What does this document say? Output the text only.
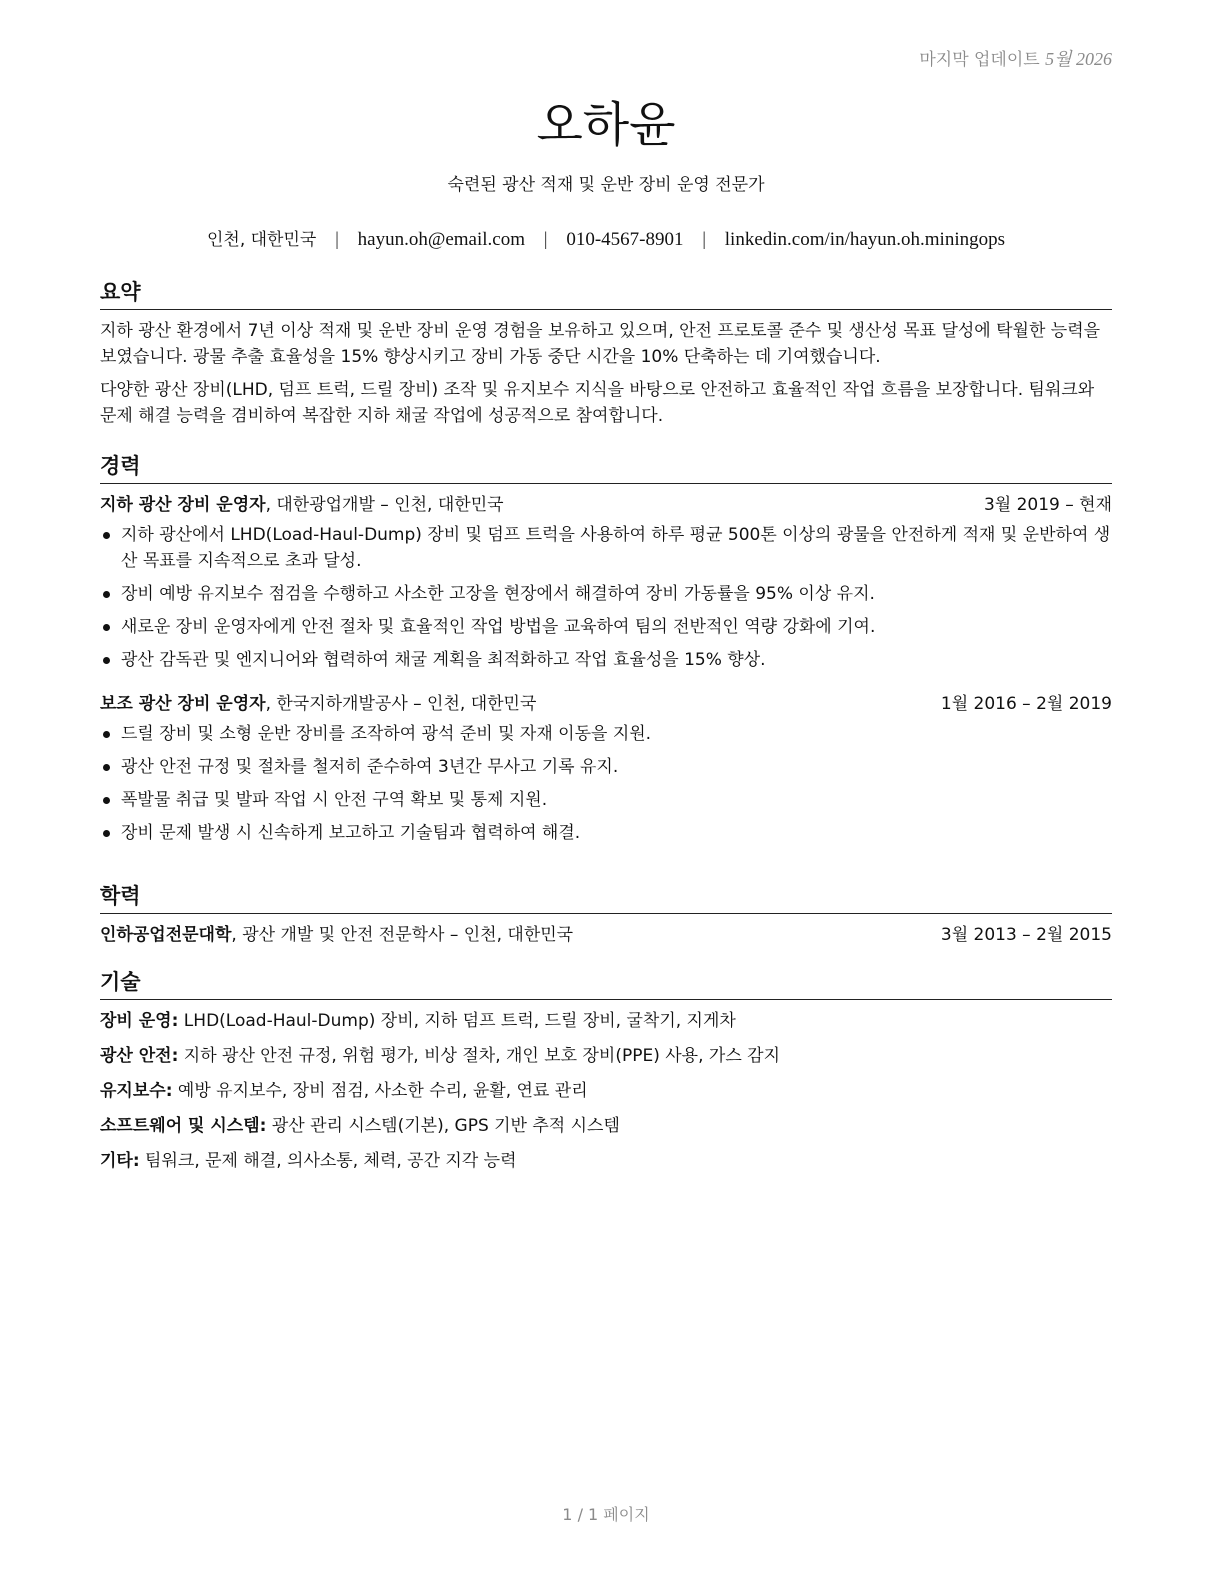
마지막 업데이트 5월 2026
오하윤
숙련된 광산 적재 및 운반 장비 운영 전문가
인천, 대한민국 | hayun.oh@email.com | 010-4567-8901 | linkedin.com/in/hayun.oh.miningops
요약

지하 광산 환경에서 7년 이상 적재 및 운반 장비 운영 경험을 보유하고 있으며, 안전 프로토콜 준수 및 생산성 목표 달성에 탁월한 능력을 보였습니다. 광물 추출 효율성을 15% 향상시키고 장비 가동 중단 시간을 10% 단축하는 데 기여했습니다.

다양한 광산 장비(LHD, 덤프 트럭, 드릴 장비) 조작 및 유지보수 지식을 바탕으로 안전하고 효율적인 작업 흐름을 보장합니다. 팀워크와 문제 해결 능력을 겸비하여 복잡한 지하 채굴 작업에 성공적으로 참여합니다.

경력
지하 광산 장비 운영자, 대한광업개발 – 인천, 대한민국	3월 2019 – 현재
지하 광산에서 LHD(Load-Haul-Dump) 장비 및 덤프 트럭을 사용하여 하루 평균 500톤 이상의 광물을 안전하게 적재 및 운반하여 생산 목표를 지속적으로 초과 달성.
장비 예방 유지보수 점검을 수행하고 사소한 고장을 현장에서 해결하여 장비 가동률을 95% 이상 유지.
새로운 장비 운영자에게 안전 절차 및 효율적인 작업 방법을 교육하여 팀의 전반적인 역량 강화에 기여.
광산 감독관 및 엔지니어와 협력하여 채굴 계획을 최적화하고 작업 효율성을 15% 향상.
보조 광산 장비 운영자, 한국지하개발공사 – 인천, 대한민국	1월 2016 – 2월 2019
드릴 장비 및 소형 운반 장비를 조작하여 광석 준비 및 자재 이동을 지원.
광산 안전 규정 및 절차를 철저히 준수하여 3년간 무사고 기록 유지.
폭발물 취급 및 발파 작업 시 안전 구역 확보 및 통제 지원.
장비 문제 발생 시 신속하게 보고하고 기술팀과 협력하여 해결.
학력
인하공업전문대학, 광산 개발 및 안전 전문학사 – 인천, 대한민국	3월 2013 – 2월 2015
기술
장비 운영: LHD(Load-Haul-Dump) 장비, 지하 덤프 트럭, 드릴 장비, 굴착기, 지게차
광산 안전: 지하 광산 안전 규정, 위험 평가, 비상 절차, 개인 보호 장비(PPE) 사용, 가스 감지
유지보수: 예방 유지보수, 장비 점검, 사소한 수리, 윤활, 연료 관리
소프트웨어 및 시스템: 광산 관리 시스템(기본), GPS 기반 추적 시스템
기타: 팀워크, 문제 해결, 의사소통, 체력, 공간 지각 능력
1 / 1 페이지
